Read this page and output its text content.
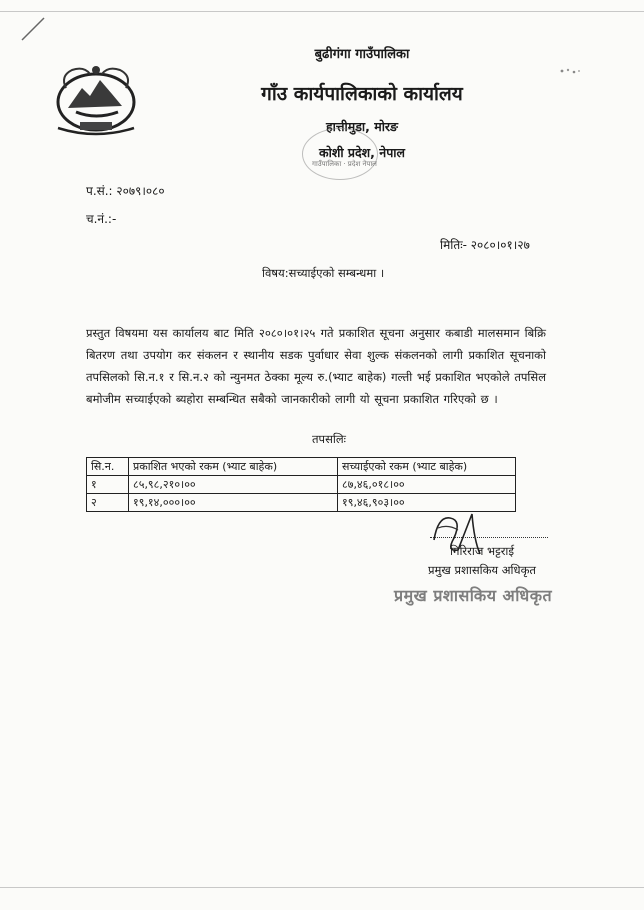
बुढीगंगा गाउँपालिका
गाँउ कार्यपालिकाको कार्यालय
हात्तीमुडा, मोरङ
कोशी प्रदेश, नेपाल
गाउँपालिका · प्रदेश नेपाल
प.सं.: २०७९।०८०
च.नं.:-
मितिः- २०८०।०१।२७
विषय:सच्याईएको सम्बन्धमा ।
प्रस्तुत विषयमा यस कार्यालय बाट मिति २०८०।०१।२५ गते प्रकाशित सूचना अनुसार कबाडी मालसमान बिक्रि बितरण तथा उपयोग कर संकलन र स्थानीय सडक पुर्वाधार सेवा शुल्क संकलनको लागी प्रकाशित सूचनाको तपसिलको सि.न.१ र सि.न.२ को न्युनमत ठेक्का मूल्य रु.(भ्याट बाहेक) गल्ती भई प्रकाशित भएकोले तपसिल बमोजीम सच्याईएको ब्यहोरा सम्बन्धित सबैको जानकारीको लागी यो सूचना प्रकाशित गरिएको छ ।
तपसलिः
सि.न.	प्रकाशित भएको रकम (भ्याट बाहेक)	सच्याईएको रकम (भ्याट बाहेक)
१	८५,९८,२१०।००	८७,४६,०१८।००
२	१९,१४,०००।००	१९,४६,९०३।००
गिरिराज भट्टराई
प्रमुख प्रशासकिय अधिकृत
प्रमुख प्रशासकिय अधिकृत
